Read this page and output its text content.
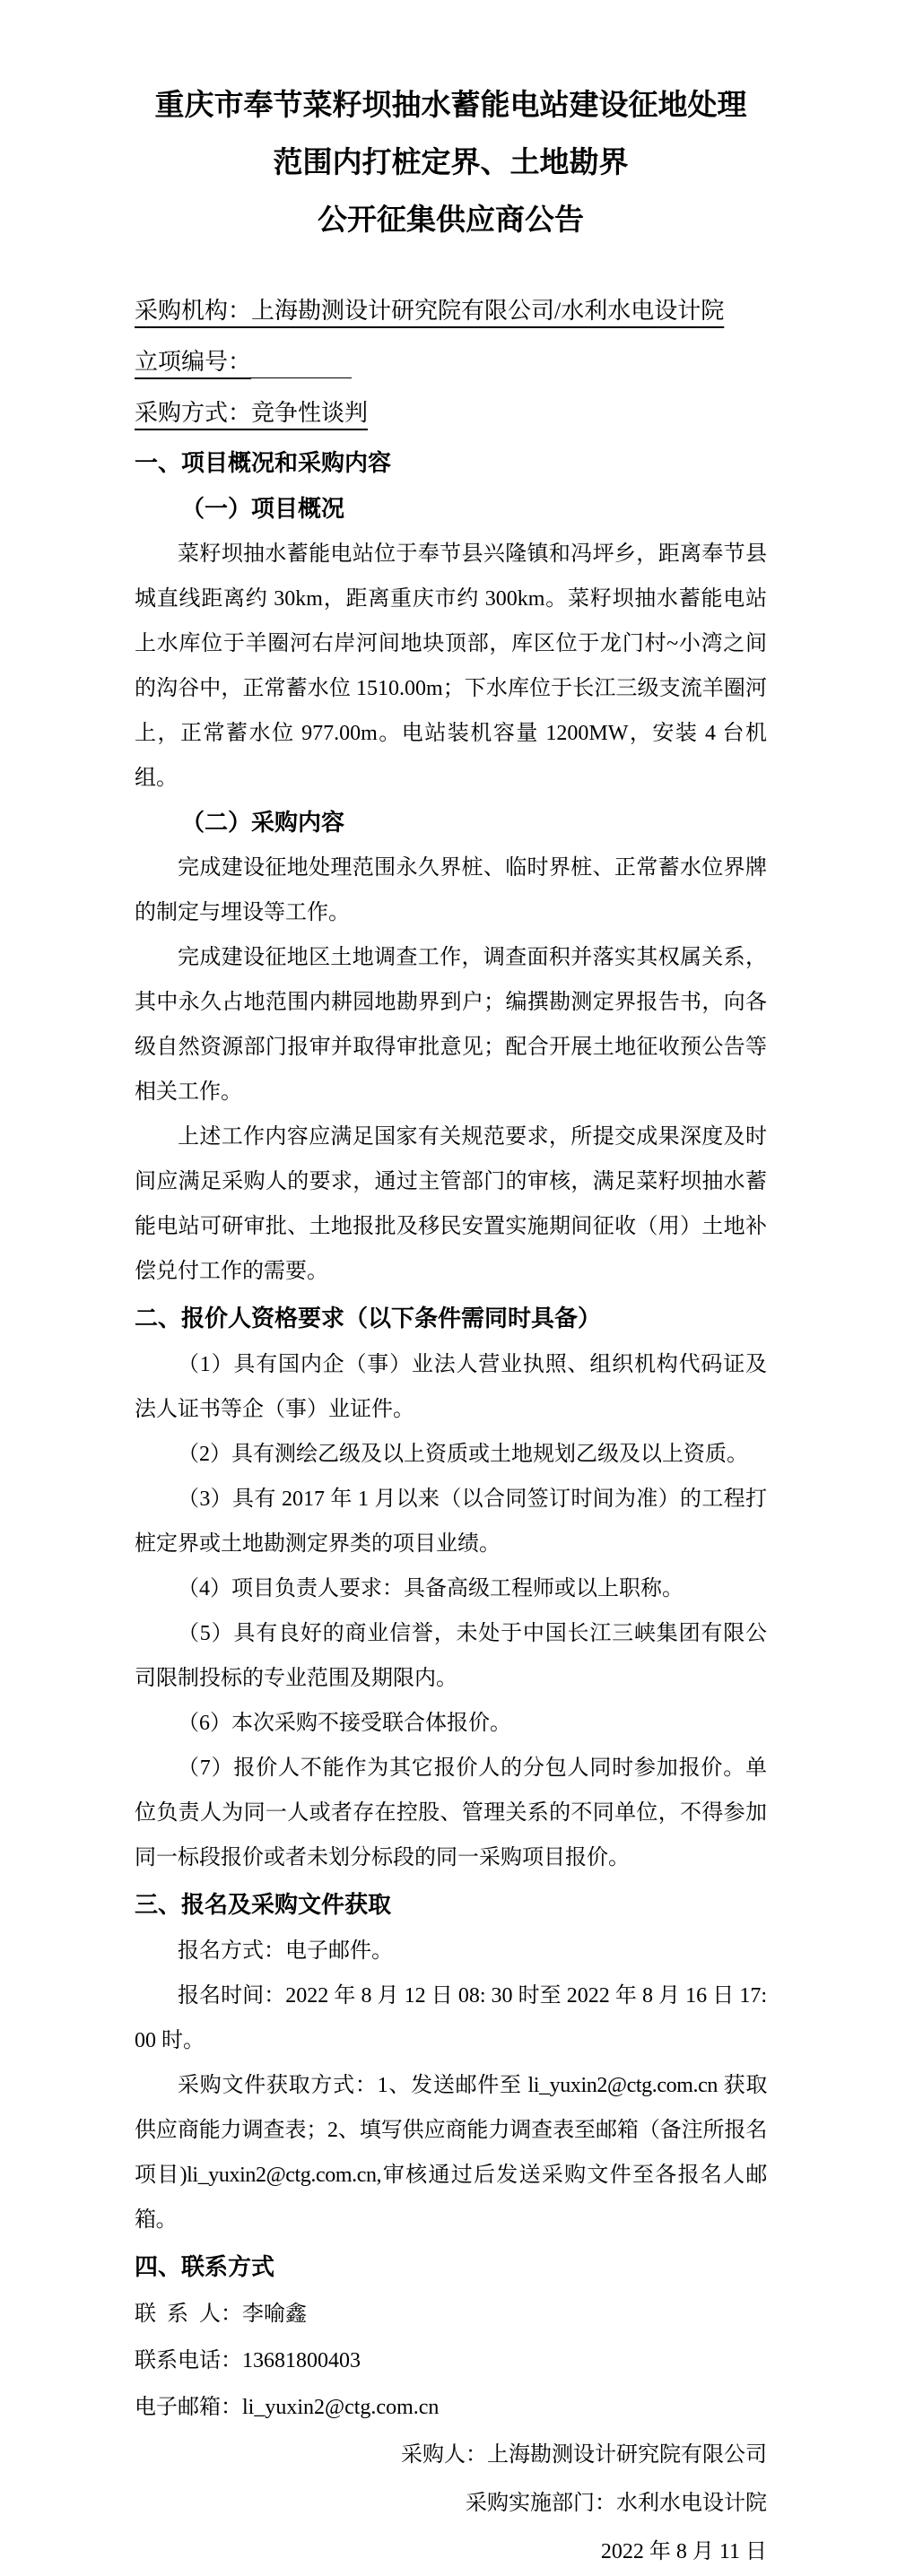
重庆市奉节菜籽坝抽水蓄能电站建设征地处理
范围内打桩定界、土地勘界
公开征集供应商公告

采购机构：上海勘测设计研究院有限公司/水利水电设计院

立项编号：

采购方式：竞争性谈判

一、项目概况和采购内容

（一）项目概况

菜籽坝抽水蓄能电站位于奉节县兴隆镇和冯坪乡，距离奉节县城直线距离约 30km，距离重庆市约 300km。菜籽坝抽水蓄能电站上水库位于羊圈河右岸河间地块顶部，库区位于龙门村~小湾之间的沟谷中，正常蓄水位 1510.00m；下水库位于长江三级支流羊圈河上，正常蓄水位 977.00m。电站装机容量 1200MW，安装 4 台机组。

（二）采购内容

完成建设征地处理范围永久界桩、临时界桩、正常蓄水位界牌的制定与埋设等工作。

完成建设征地区土地调查工作，调查面积并落实其权属关系，其中永久占地范围内耕园地勘界到户；编撰勘测定界报告书，向各级自然资源部门报审并取得审批意见；配合开展土地征收预公告等相关工作。

上述工作内容应满足国家有关规范要求，所提交成果深度及时间应满足采购人的要求，通过主管部门的审核，满足菜籽坝抽水蓄能电站可研审批、土地报批及移民安置实施期间征收（用）土地补偿兑付工作的需要。

二、报价人资格要求（以下条件需同时具备）

（1）具有国内企（事）业法人营业执照、组织机构代码证及法人证书等企（事）业证件。

（2）具有测绘乙级及以上资质或土地规划乙级及以上资质。

（3）具有 2017 年 1 月以来（以合同签订时间为准）的工程打桩定界或土地勘测定界类的项目业绩。

（4）项目负责人要求：具备高级工程师或以上职称。

（5）具有良好的商业信誉，未处于中国长江三峡集团有限公司限制投标的专业范围及期限内。

（6）本次采购不接受联合体报价。

（7）报价人不能作为其它报价人的分包人同时参加报价。单位负责人为同一人或者存在控股、管理关系的不同单位，不得参加同一标段报价或者未划分标段的同一采购项目报价。

三、报名及采购文件获取

报名方式：电子邮件。

报名时间：2022 年 8 月 12 日 08: 30 时至 2022 年 8 月 16 日 17: 00 时。

采购文件获取方式：1、发送邮件至 li_yuxin2@ctg.com.cn 获取供应商能力调查表；2、填写供应商能力调查表至邮箱（备注所报名项目)li_yuxin2@ctg.com.cn,审核通过后发送采购文件至各报名人邮箱。

四、联系方式

联 系 人：李喻鑫

联系电话：13681800403

电子邮箱：li_yuxin2@ctg.com.cn

采购人：上海勘测设计研究院有限公司

采购实施部门：水利水电设计院

2022 年 8 月 11 日
